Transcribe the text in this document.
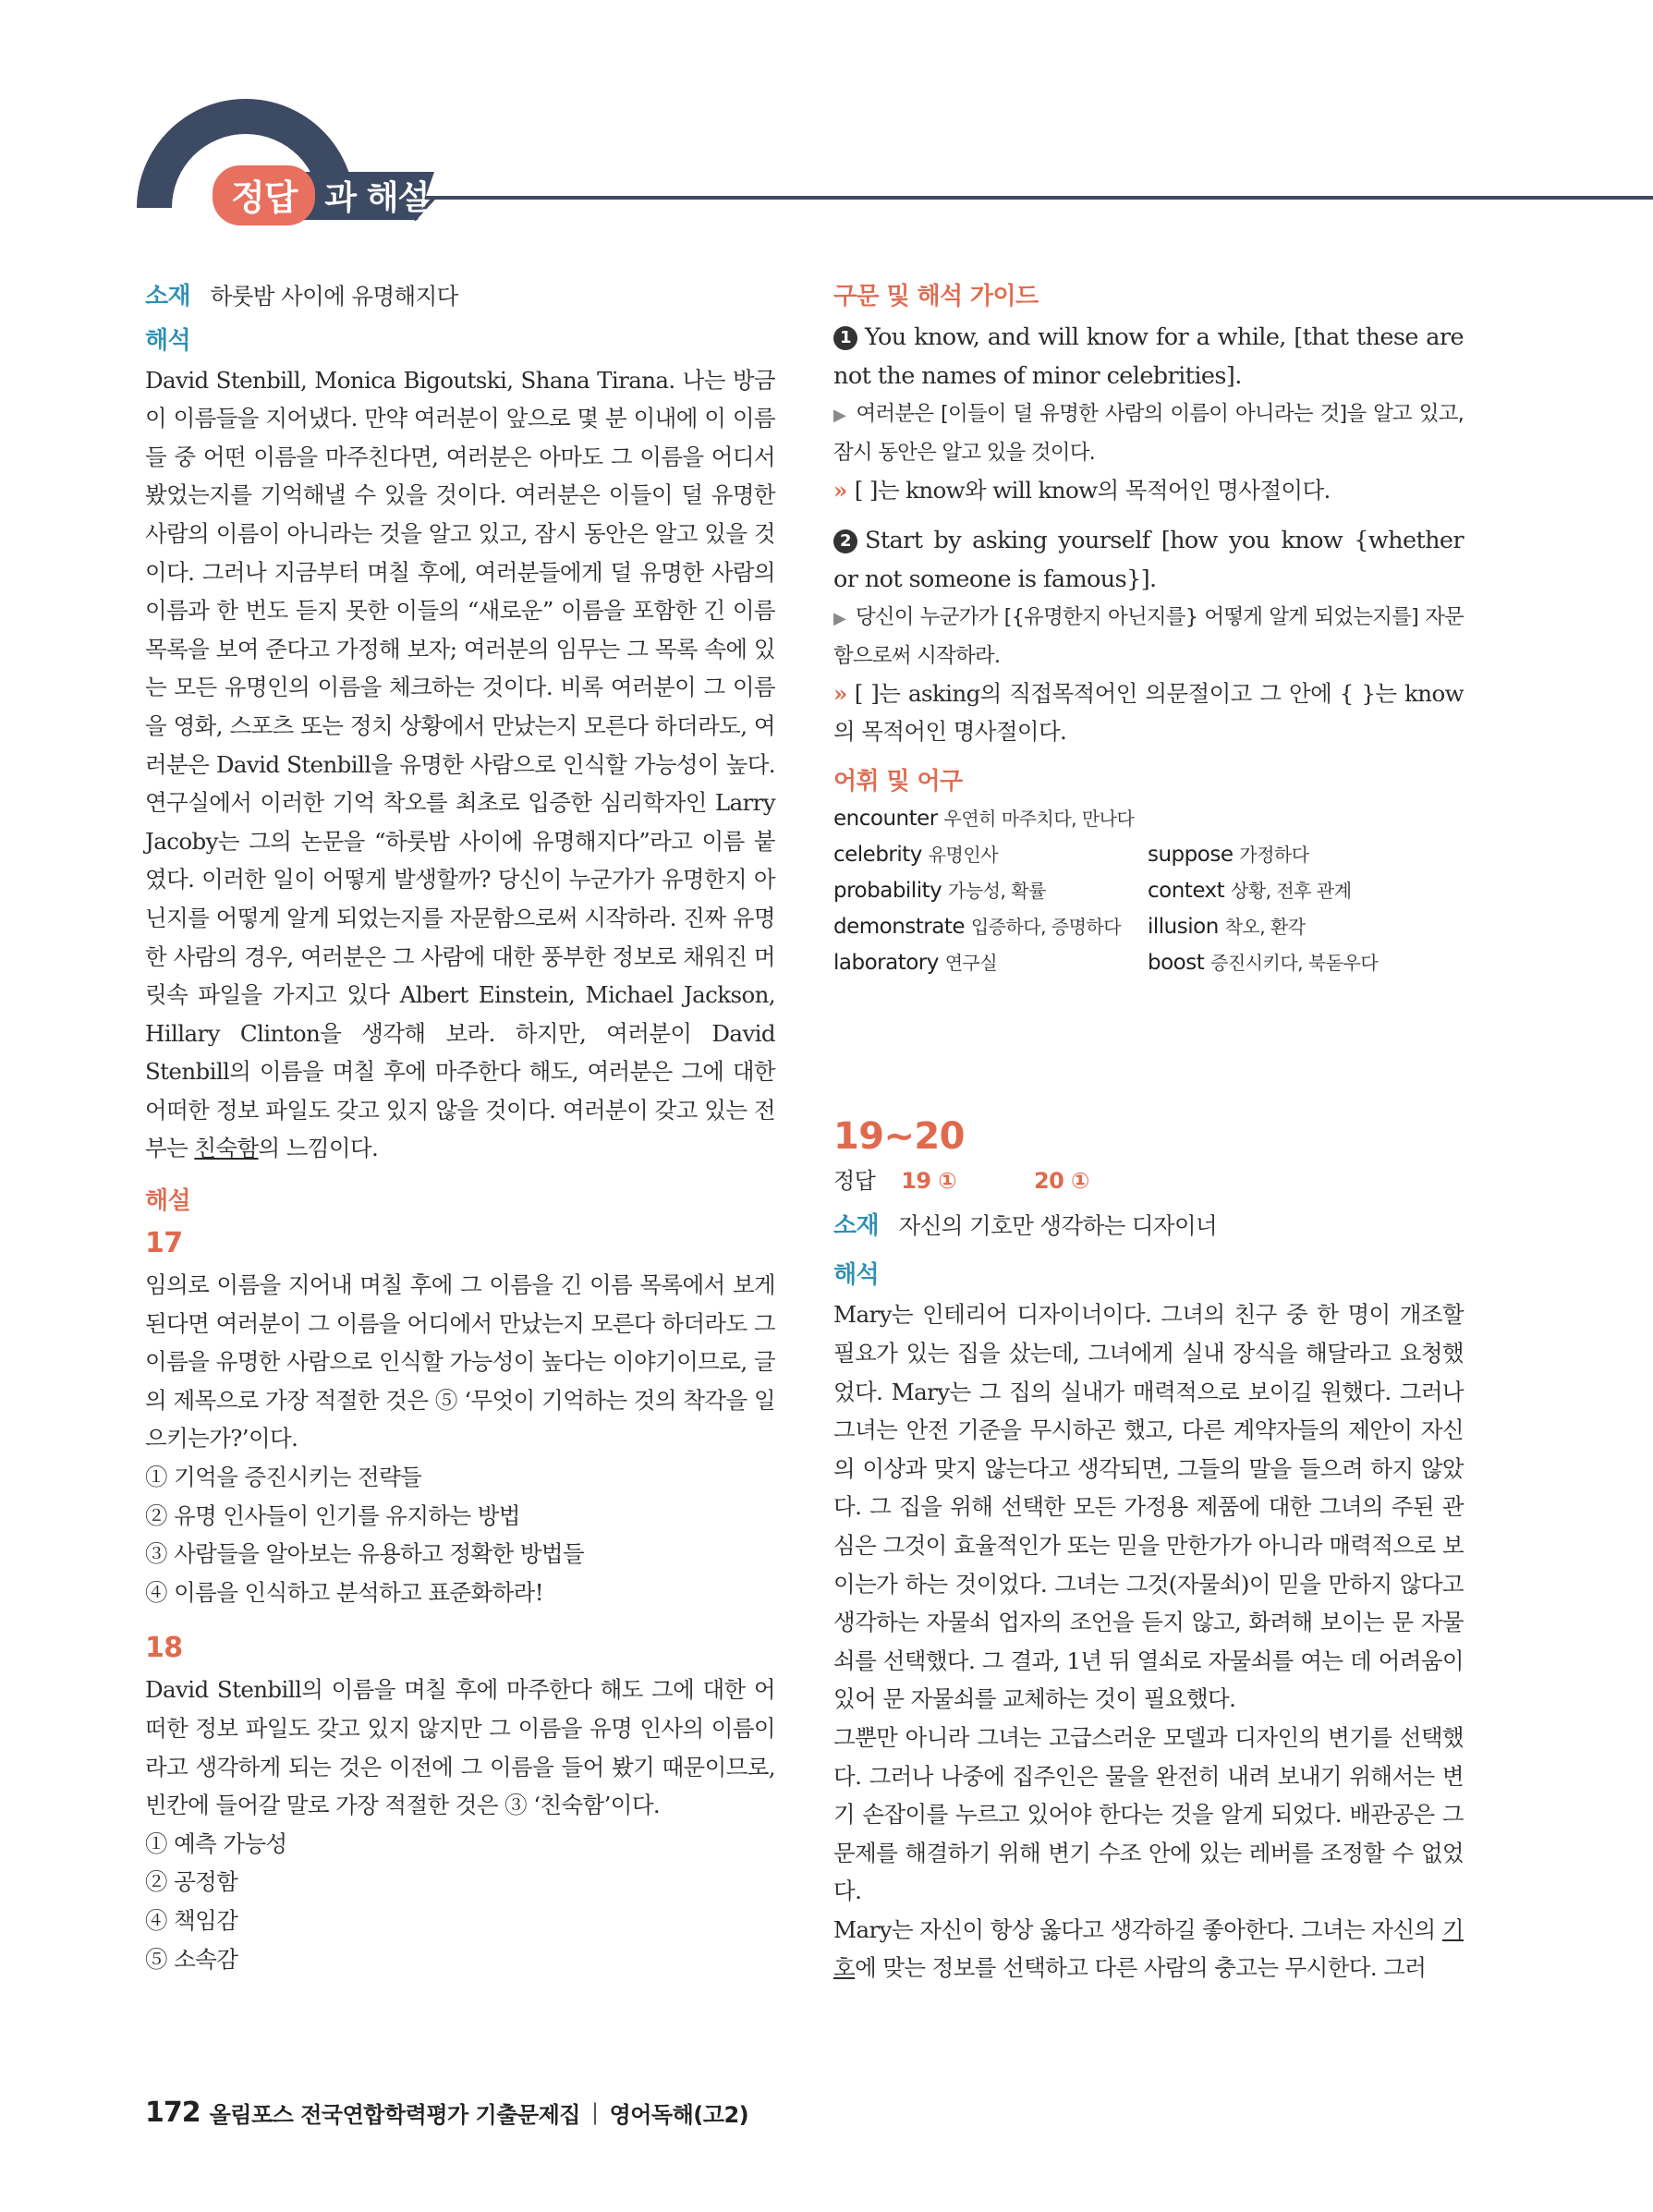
정답 과 해설

소재 하룻밤 사이에 유명해지다

해석

David Stenbill, Monica Bigoutski, Shana Tirana. 나는 방금 이 이름들을 지어냈다. 만약 여러분이 앞으로 몇 분 이내에 이 이름들 중 어떤 이름을 마주친다면, 여러분은 아마도 그 이름을 어디서 봤었는지를 기억해낼 수 있을 것이다. 여러분은 이들이 덜 유명한 사람의 이름이 아니라는 것을 알고 있고, 잠시 동안은 알고 있을 것이다. 그러나 지금부터 며칠 후에, 여러분들에게 덜 유명한 사람의 이름과 한 번도 듣지 못한 이들의 “새로운” 이름을 포함한 긴 이름 목록을 보여 준다고 가정해 보자; 여러분의 임무는 그 목록 속에 있는 모든 유명인의 이름을 체크하는 것이다. 비록 여러분이 그 이름을 영화, 스포츠 또는 정치 상황에서 만났는지 모른다 하더라도, 여러분은 David Stenbill을 유명한 사람으로 인식할 가능성이 높다. 연구실에서 이러한 기억 착오를 최초로 입증한 심리학자인 Larry Jacoby는 그의 논문을 “하룻밤 사이에 유명해지다”라고 이름 붙였다. 이러한 일이 어떻게 발생할까? 당신이 누군가가 유명한지 아닌지를 어떻게 알게 되었는지를 자문함으로써 시작하라. 진짜 유명한 사람의 경우, 여러분은 그 사람에 대한 풍부한 정보로 채워진 머릿속 파일을 가지고 있다 Albert Einstein, Michael Jackson, Hillary Clinton을 생각해 보라. 하지만, 여러분이 David Stenbill의 이름을 며칠 후에 마주한다 해도, 여러분은 그에 대한 어떠한 정보 파일도 갖고 있지 않을 것이다. 여러분이 갖고 있는 전부는 친숙함의 느낌이다.

해설
17

임의로 이름을 지어내 며칠 후에 그 이름을 긴 이름 목록에서 보게 된다면 여러분이 그 이름을 어디에서 만났는지 모른다 하더라도 그 이름을 유명한 사람으로 인식할 가능성이 높다는 이야기이므로, 글의 제목으로 가장 적절한 것은 ⑤ ‘무엇이 기억하는 것의 착각을 일으키는가?’이다.

① 기억을 증진시키는 전략들
② 유명 인사들이 인기를 유지하는 방법
③ 사람들을 알아보는 유용하고 정확한 방법들
④ 이름을 인식하고 분석하고 표준화하라!
18

David Stenbill의 이름을 며칠 후에 마주한다 해도 그에 대한 어떠한 정보 파일도 갖고 있지 않지만 그 이름을 유명 인사의 이름이라고 생각하게 되는 것은 이전에 그 이름을 들어 봤기 때문이므로, 빈칸에 들어갈 말로 가장 적절한 것은 ③ ‘친숙함’이다.

① 예측 가능성
② 공정함
④ 책임감
⑤ 소속감
구문 및 해석 가이드

1 You know, and will know for a while, [that these are not the names of minor celebrities].

▶ 여러분은 [이들이 덜 유명한 사람의 이름이 아니라는 것]을 알고 있고, 잠시 동안은 알고 있을 것이다.

» [ ]는 know와 will know의 목적어인 명사절이다.

2 Start by asking yourself [how you know {whether or not someone is famous}].

▶ 당신이 누군가가 [{유명한지 아닌지를} 어떻게 알게 되었는지를] 자문함으로써 시작하라.

» [ ]는 asking의 직접목적어인 의문절이고 그 안에 { }는 know의 목적어인 명사절이다.

어휘 및 어구
encounter 우연히 마주치다, 만나다
celebrity 유명인사	suppose 가정하다
probability 가능성, 확률	context 상황, 전후 관계
demonstrate 입증하다, 증명하다	illusion 착오, 환각
laboratory 연구실	boost 증진시키다, 북돋우다
19~20
정답 19 ①	20 ①

소재 자신의 기호만 생각하는 디자이너

해석

Mary는 인테리어 디자이너이다. 그녀의 친구 중 한 명이 개조할 필요가 있는 집을 샀는데, 그녀에게 실내 장식을 해달라고 요청했었다. Mary는 그 집의 실내가 매력적으로 보이길 원했다. 그러나 그녀는 안전 기준을 무시하곤 했고, 다른 계약자들의 제안이 자신의 이상과 맞지 않는다고 생각되면, 그들의 말을 들으려 하지 않았다. 그 집을 위해 선택한 모든 가정용 제품에 대한 그녀의 주된 관심은 그것이 효율적인가 또는 믿을 만한가가 아니라 매력적으로 보이는가 하는 것이었다. 그녀는 그것(자물쇠)이 믿을 만하지 않다고 생각하는 자물쇠 업자의 조언을 듣지 않고, 화려해 보이는 문 자물쇠를 선택했다. 그 결과, 1년 뒤 열쇠로 자물쇠를 여는 데 어려움이 있어 문 자물쇠를 교체하는 것이 필요했다.

그뿐만 아니라 그녀는 고급스러운 모델과 디자인의 변기를 선택했다. 그러나 나중에 집주인은 물을 완전히 내려 보내기 위해서는 변기 손잡이를 누르고 있어야 한다는 것을 알게 되었다. 배관공은 그 문제를 해결하기 위해 변기 수조 안에 있는 레버를 조정할 수 없었다.

Mary는 자신이 항상 옳다고 생각하길 좋아한다. 그녀는 자신의 기호에 맞는 정보를 선택하고 다른 사람의 충고는 무시한다. 그러

172 올림포스 전국연합학력평가 기출문제집 | 영어독해(고2)
